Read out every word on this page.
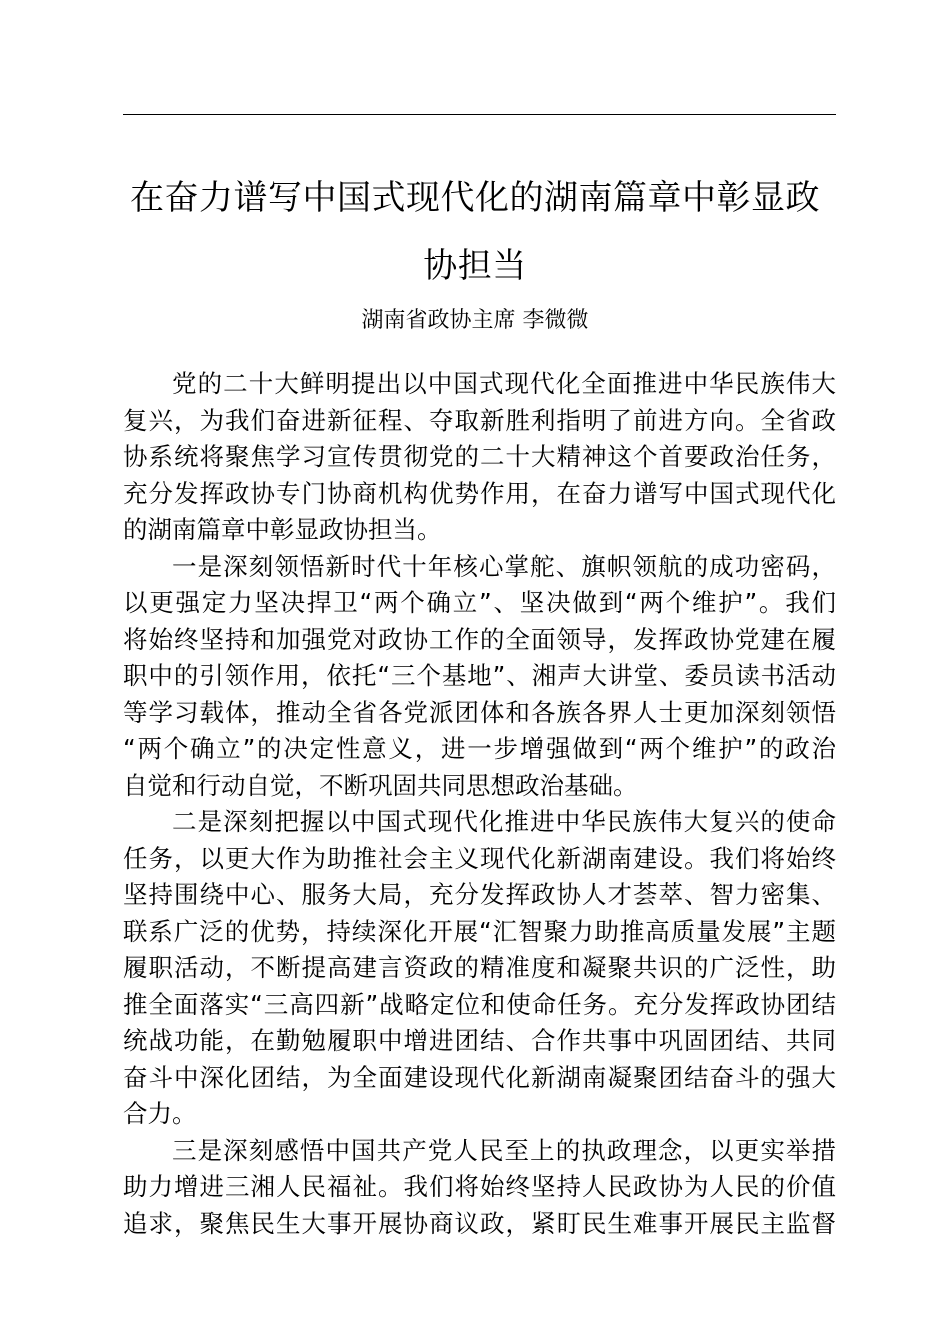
在奋力谱写中国式现代化的湖南篇章中彰显政
协担当
湖南省政协主席 李微微
党的二十大鲜明提出以中国式现代化全面推进中华民族伟大
复兴，为我们奋进新征程、夺取新胜利指明了前进方向。全省政
协系统将聚焦学习宣传贯彻党的二十大精神这个首要政治任务，
充分发挥政协专门协商机构优势作用，在奋力谱写中国式现代化
的湖南篇章中彰显政协担当。
一是深刻领悟新时代十年核心掌舵、旗帜领航的成功密码，
以更强定力坚决捍卫“两个确立”、坚决做到“两个维护”。我们
将始终坚持和加强党对政协工作的全面领导，发挥政协党建在履
职中的引领作用，依托“三个基地”、湘声大讲堂、委员读书活动
等学习载体，推动全省各党派团体和各族各界人士更加深刻领悟
“两个确立”的决定性意义，进一步增强做到“两个维护”的政治
自觉和行动自觉，不断巩固共同思想政治基础。
二是深刻把握以中国式现代化推进中华民族伟大复兴的使命
任务，以更大作为助推社会主义现代化新湖南建设。我们将始终
坚持围绕中心、服务大局，充分发挥政协人才荟萃、智力密集、
联系广泛的优势，持续深化开展“汇智聚力助推高质量发展”主题
履职活动，不断提高建言资政的精准度和凝聚共识的广泛性，助
推全面落实“三高四新”战略定位和使命任务。充分发挥政协团结
统战功能，在勤勉履职中增进团结、合作共事中巩固团结、共同
奋斗中深化团结，为全面建设现代化新湖南凝聚团结奋斗的强大
合力。
三是深刻感悟中国共产党人民至上的执政理念，以更实举措
助力增进三湘人民福祉。我们将始终坚持人民政协为人民的价值
追求，聚焦民生大事开展协商议政，紧盯民生难事开展民主监督
